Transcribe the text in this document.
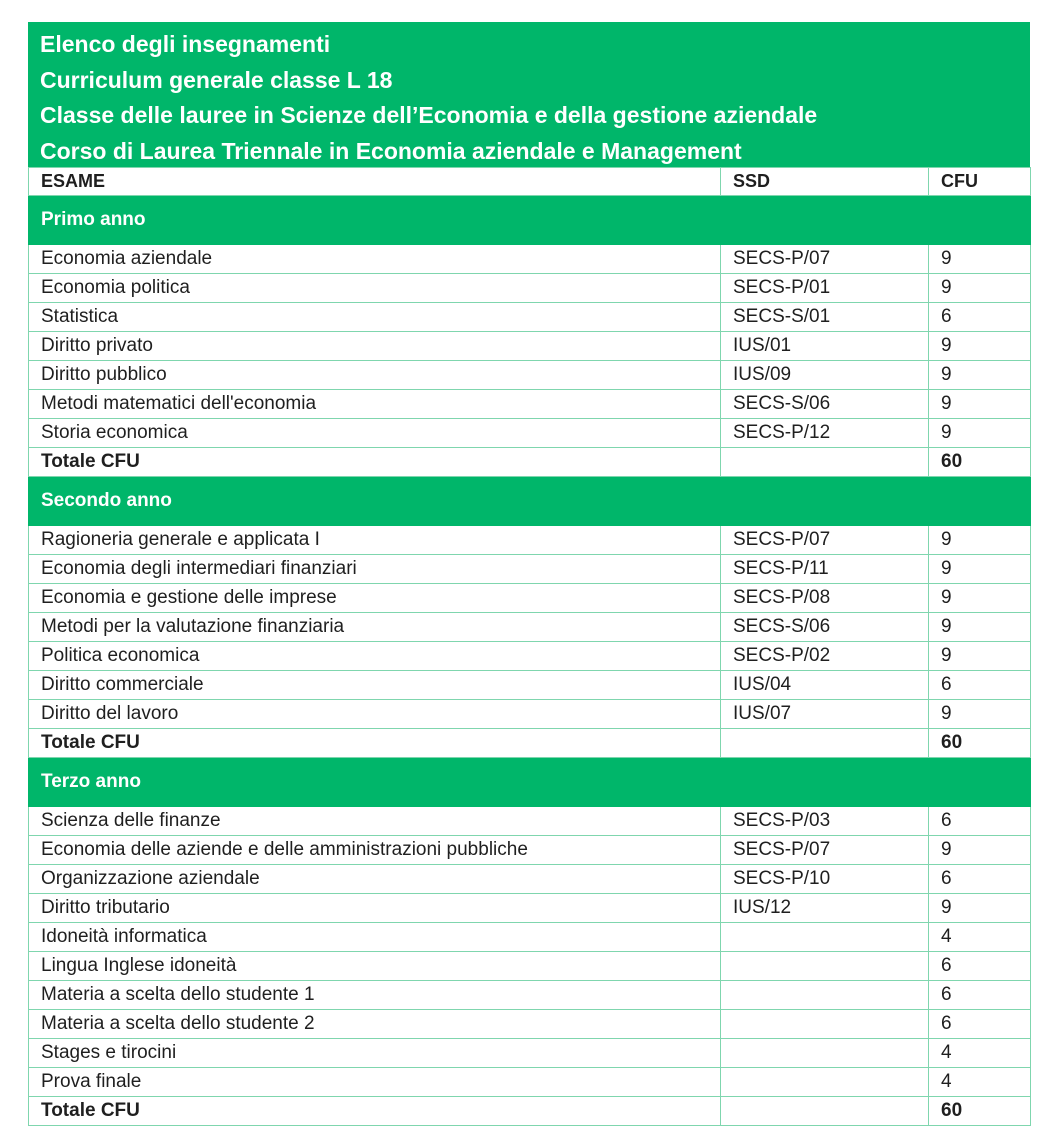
Elenco degli insegnamenti
Curriculum generale classe L 18
Classe delle lauree in Scienze dell’Economia e della gestione aziendale
Corso di Laurea Triennale in Economia aziendale e Management
ESAME	SSD	CFU
Primo anno		
Economia aziendale	SECS-P/07	9
Economia politica	SECS-P/01	9
Statistica	SECS-S/01	6
Diritto privato	IUS/01	9
Diritto pubblico	IUS/09	9
Metodi matematici dell'economia	SECS-S/06	9
Storia economica	SECS-P/12	9
Totale CFU		60
Secondo anno		
Ragioneria generale e applicata I	SECS-P/07	9
Economia degli intermediari finanziari	SECS-P/11	9
Economia e gestione delle imprese	SECS-P/08	9
Metodi per la valutazione finanziaria	SECS-S/06	9
Politica economica	SECS-P/02	9
Diritto commerciale	IUS/04	6
Diritto del lavoro	IUS/07	9
Totale CFU		60
Terzo anno		
Scienza delle finanze	SECS-P/03	6
Economia delle aziende e delle amministrazioni pubbliche	SECS-P/07	9
Organizzazione aziendale	SECS-P/10	6
Diritto tributario	IUS/12	9
Idoneità informatica		4
Lingua Inglese idoneità		6
Materia a scelta dello studente 1		6
Materia a scelta dello studente 2		6
Stages e tirocini		4
Prova finale		4
Totale CFU		60
